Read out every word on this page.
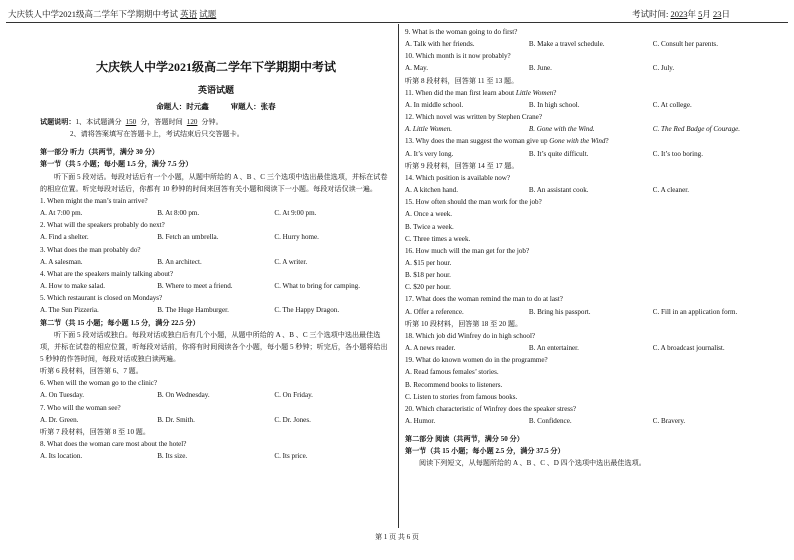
大庆铁人中学2021级高二学年下学期期中考试 英语 试题	考试时间: 2023年 5月 23日
大庆铁人中学2021级高二学年下学期期中考试
英语试题
命题人：时元鑫	审题人：张春
试题说明：1、本试题满分 150 分，答题时间 120 分钟。
2、请将答案填写在答题卡上，考试结束后只交答题卡。
第一部分 听力（共两节，满分 30 分）
第一节（共 5 小题；每小题 1.5 分，满分 7.5 分）
听下面 5 段对话。每段对话后有一个小题，从题中所给的 A 、B 、C 三个选项中选出最佳选项，并标在试卷的相应位置。听完每段对话后，你都有 10 秒钟的时间来回答有关小题和阅读下一小题。每段对话仅读一遍。
1. When might the man’s train arrive?
A. At 7:00 pm.	B. At 8:00 pm.	C. At 9:00 pm.
2. What will the speakers probably do next?
A. Find a shelter.	B. Fetch an umbrella.	C. Hurry home.
3. What does the man probably do?
A. A salesman.	B. An architect.	C. A writer.
4. What are the speakers mainly talking about?
A. How to make salad.	B. Where to meet a friend.	C. What to bring for camping.
5. Which restaurant is closed on Mondays?
A. The Sun Pizzeria.	B. The Huge Hamburger.	C. The Happy Dragon.
第二节（共 15 小题；每小题 1.5 分，满分 22.5 分）
听下面 5 段对话或独白。每段对话或独白后有几个小题，从题中所给的 A 、B 、C 三个选项中选出最佳选项，并标在试卷的相应位置，听每段对话前，你将有时间阅读各个小题，每小题 5 秒钟；听完后，各小题将给出 5 秒钟的作答时间，每段对话或独白读两遍。
听第 6 段材料，回答第 6、7 题。
6. When will the woman go to the clinic?
A. On Tuesday.	B. On Wednesday.	C. On Friday.
7. Who will the woman see?
A. Dr. Green.	B. Dr. Smith.	C. Dr. Jones.
听第 7 段材料，回答第 8 至 10 题。
8. What does the woman care most about the hotel?
A. Its location.	B. Its size.	C. Its price.
9. What is the woman going to do first?
A. Talk with her friends.	B. Make a travel schedule.	C. Consult her parents.
10. Which month is it now probably?
A. May.	B. June.	C. July.
听第 8 段材料，回答第 11 至 13 题。
11. When did the man first learn about Little Women?
A. In middle school.	B. In high school.	C. At college.
12. Which novel was written by Stephen Crane?
A. Little Women.	B. Gone with the Wind.	C. The Red Badge of Courage.
13. Why does the man suggest the woman give up Gone with the Wind?
A. It’s very long.	B. It’s quite difficult.	C. It’s too boring.
听第 9 段材料，回答第 14 至 17 题。
14. Which position is available now?
A. A kitchen hand.	B. An assistant cook.	C. A cleaner.
15. How often should the man work for the job?
A. Once a week.
B. Twice a week.
C. Three times a week.
16. How much will the man get for the job?
A. $15 per hour.
B. $18 per hour.
C. $20 per hour.
17. What does the woman remind the man to do at last?
A. Offer a reference.	B. Bring his passport.	C. Fill in an application form.
听第 10 段材料，回答第 18 至 20 题。
18. Which job did Winfrey do in high school?
A. A news reader.	B. An entertainer.	C. A broadcast journalist.
19. What do known women do in the programme?
A. Read famous females’ stories.
B. Recommend books to listeners.
C. Listen to stories from famous books.
20. Which characteristic of Winfrey does the speaker stress?
A. Humor.	B. Confidence.	C. Bravery.
第二部分 阅读（共两节，满分 50 分）
第一节（共 15 小题；每小题 2.5 分，满分 37.5 分）
阅读下列短文，从每题所给的 A 、B 、C 、D 四个选项中选出最佳选项。
第 1 页 共 6 页
